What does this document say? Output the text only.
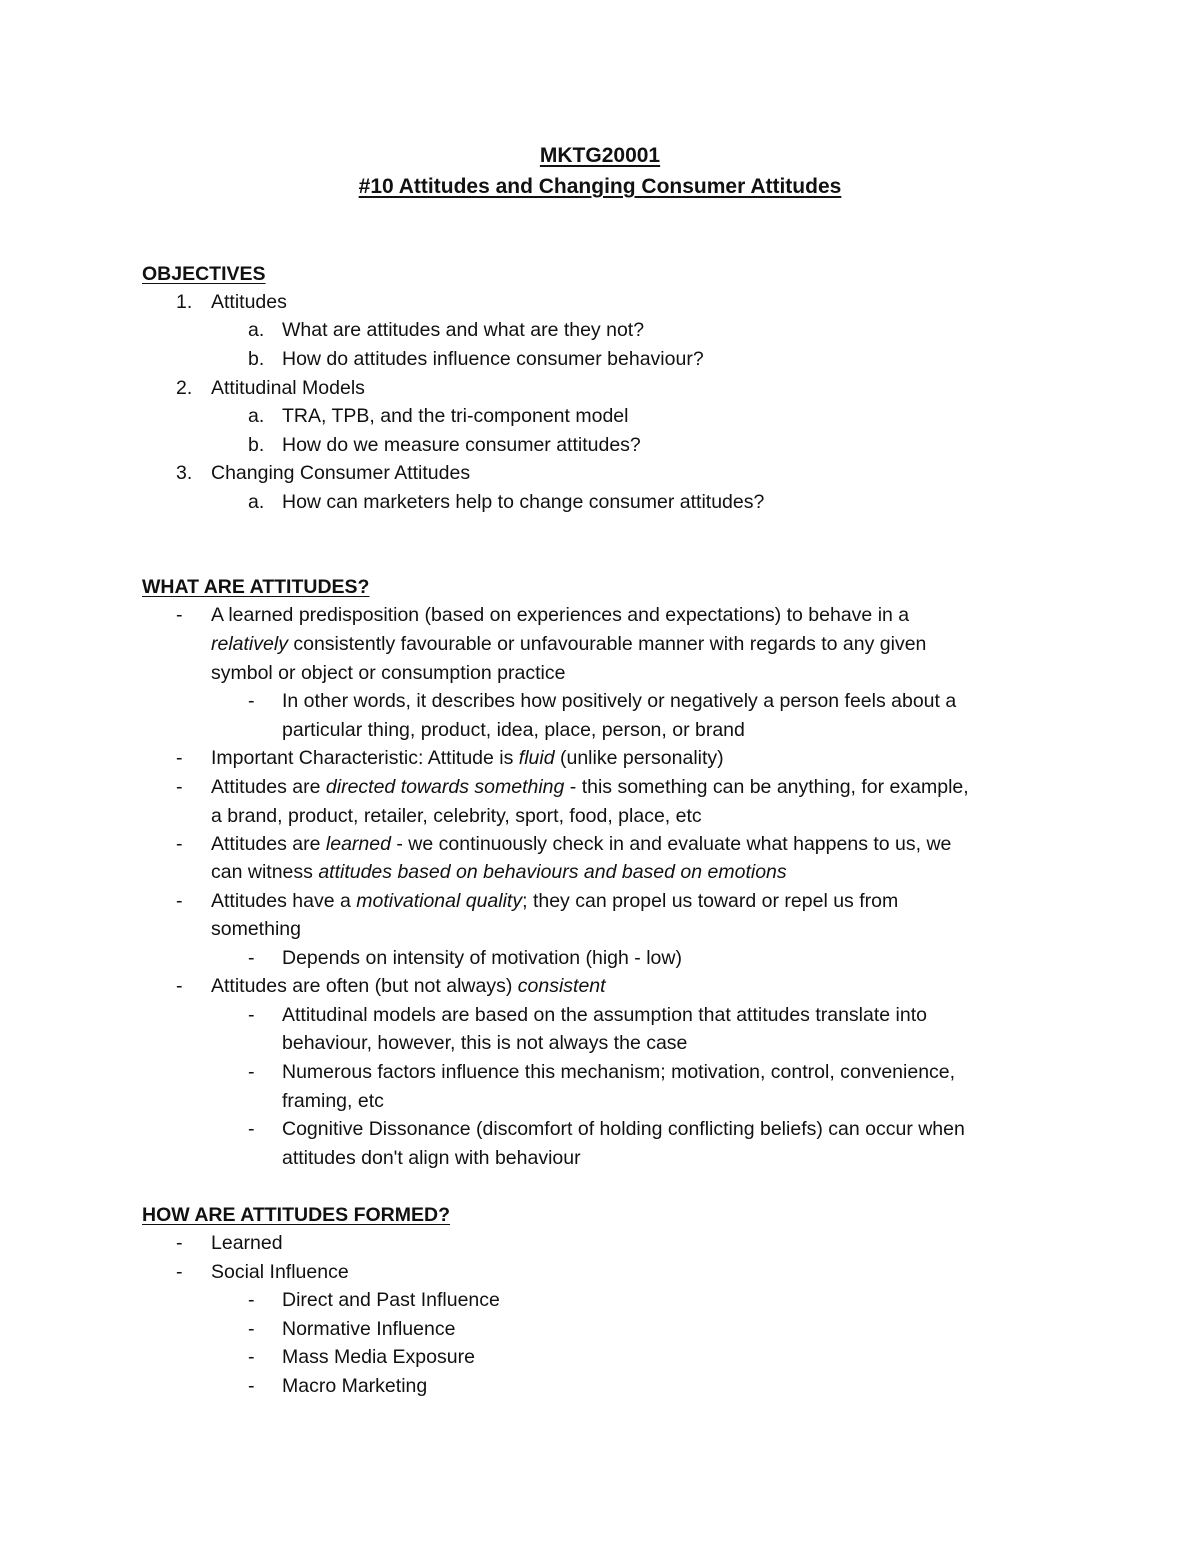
MKTG20001
#10 Attitudes and Changing Consumer Attitudes
OBJECTIVES
1. Attitudes
a. What are attitudes and what are they not?
b. How do attitudes influence consumer behaviour?
2. Attitudinal Models
a. TRA, TPB, and the tri-component model
b. How do we measure consumer attitudes?
3. Changing Consumer Attitudes
a. How can marketers help to change consumer attitudes?
WHAT ARE ATTITUDES?
- A learned predisposition (based on experiences and expectations) to behave in a
relatively consistently favourable or unfavourable manner with regards to any given
symbol or object or consumption practice
- In other words, it describes how positively or negatively a person feels about a
particular thing, product, idea, place, person, or brand
- Important Characteristic: Attitude is fluid (unlike personality)
- Attitudes are directed towards something - this something can be anything, for example,
a brand, product, retailer, celebrity, sport, food, place, etc
- Attitudes are learned - we continuously check in and evaluate what happens to us, we
can witness attitudes based on behaviours and based on emotions
- Attitudes have a motivational quality; they can propel us toward or repel us from
something
- Depends on intensity of motivation (high - low)
- Attitudes are often (but not always) consistent
- Attitudinal models are based on the assumption that attitudes translate into
behaviour, however, this is not always the case
- Numerous factors influence this mechanism; motivation, control, convenience,
framing, etc
- Cognitive Dissonance (discomfort of holding conflicting beliefs) can occur when
attitudes don't align with behaviour
HOW ARE ATTITUDES FORMED?
- Learned
- Social Influence
- Direct and Past Influence
- Normative Influence
- Mass Media Exposure
- Macro Marketing
